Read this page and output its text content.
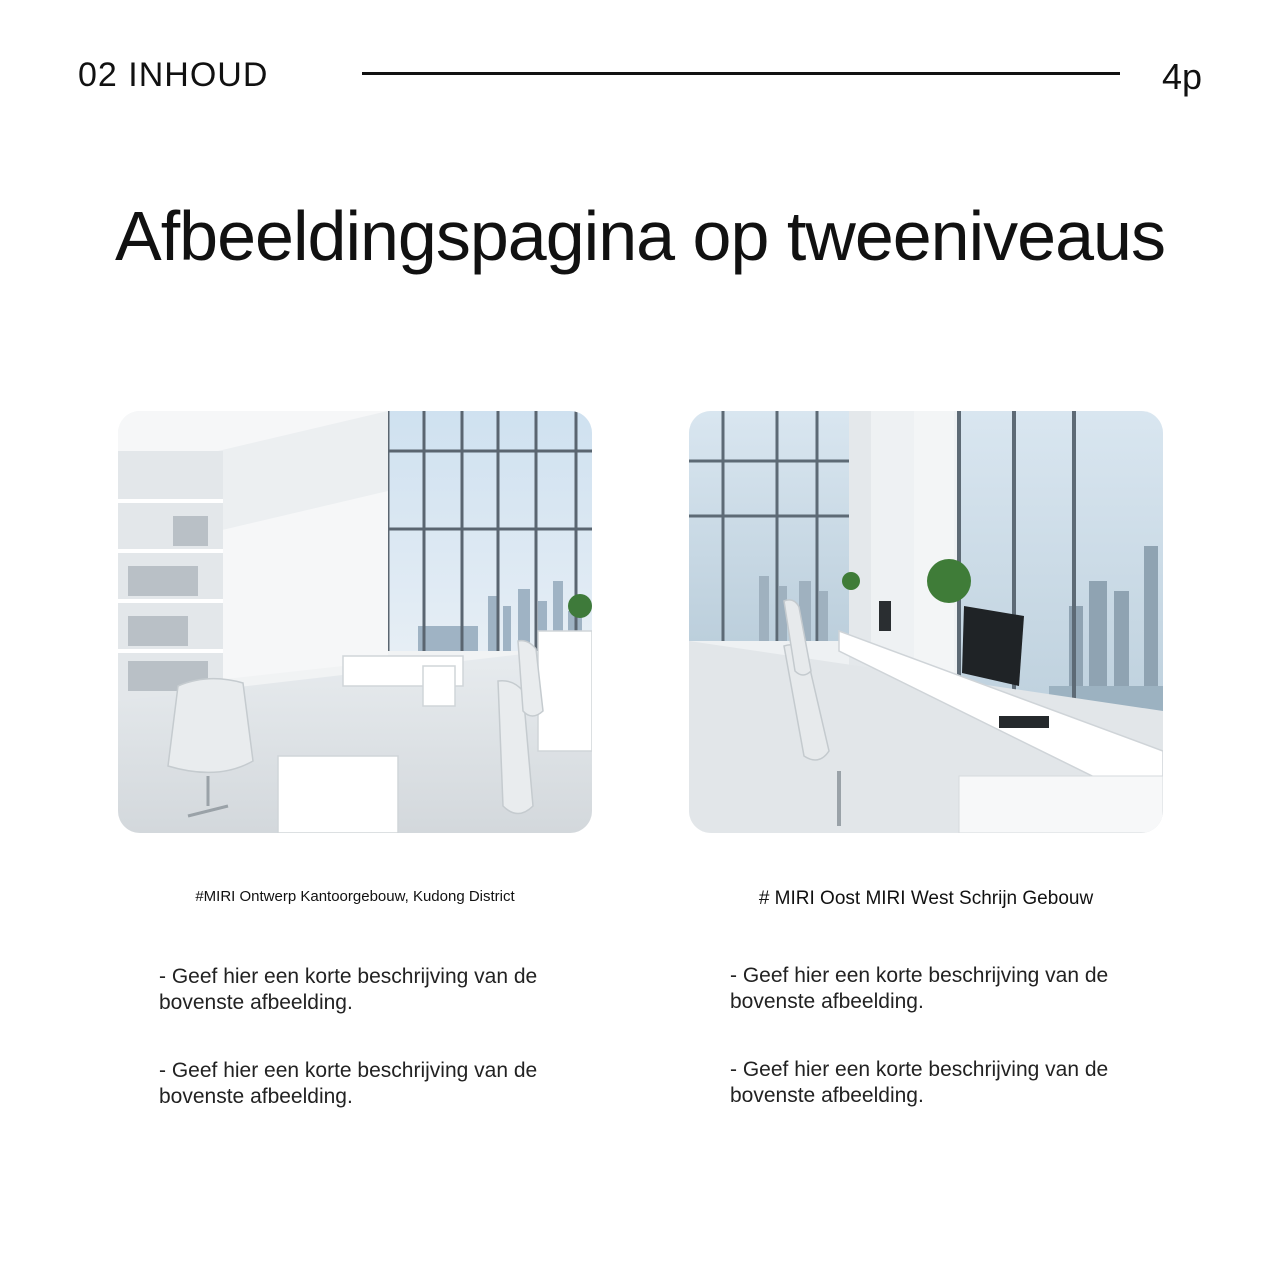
02 INHOUD	4p
Afbeeldingspagina op tweeniveaus
#MIRI Ontwerp Kantoorgebouw, Kudong District	# MIRI Oost MIRI West Schrijn Gebouw
- Geef hier een korte beschrijving van de bovenste afbeelding.
- Geef hier een korte beschrijving van de bovenste afbeelding.
- Geef hier een korte beschrijving van de bovenste afbeelding.
- Geef hier een korte beschrijving van de bovenste afbeelding.
